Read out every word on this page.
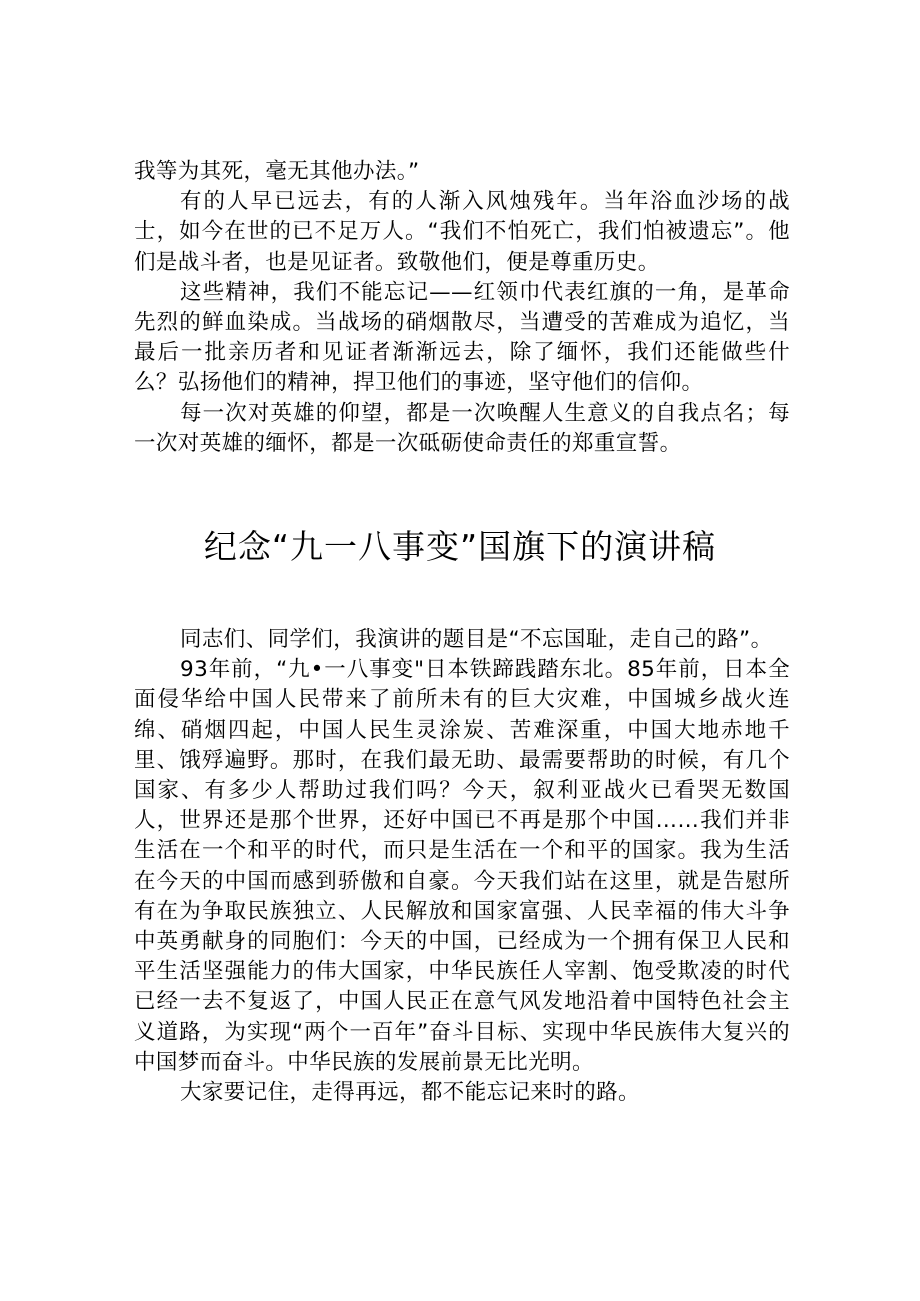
我等为其死，毫无其他办法。”

有的人早已远去，有的人渐入风烛残年。当年浴血沙场的战士，如今在世的已不足万人。“我们不怕死亡，我们怕被遗忘”。他们是战斗者，也是见证者。致敬他们，便是尊重历史。

这些精神，我们不能忘记——红领巾代表红旗的一角，是革命先烈的鲜血染成。当战场的硝烟散尽，当遭受的苦难成为追忆，当最后一批亲历者和见证者渐渐远去，除了缅怀，我们还能做些什么？弘扬他们的精神，捍卫他们的事迹，坚守他们的信仰。

每一次对英雄的仰望，都是一次唤醒人生意义的自我点名；每一次对英雄的缅怀，都是一次砥砺使命责任的郑重宣誓。

纪念“九一八事变”国旗下的演讲稿

同志们、同学们，我演讲的题目是“不忘国耻，走自己的路”。

93年前，“九•一八事变"日本铁蹄践踏东北。85年前，日本全面侵华给中国人民带来了前所未有的巨大灾难，中国城乡战火连绵、硝烟四起，中国人民生灵涂炭、苦难深重，中国大地赤地千里、饿殍遍野。那时，在我们最无助、最需要帮助的时候，有几个国家、有多少人帮助过我们吗？今天，叙利亚战火已看哭无数国人，世界还是那个世界，还好中国已不再是那个中国……我们并非生活在一个和平的时代，而只是生活在一个和平的国家。我为生活在今天的中国而感到骄傲和自豪。今天我们站在这里，就是告慰所有在为争取民族独立、人民解放和国家富强、人民幸福的伟大斗争中英勇献身的同胞们：今天的中国，已经成为一个拥有保卫人民和平生活坚强能力的伟大国家，中华民族任人宰割、饱受欺凌的时代已经一去不复返了，中国人民正在意气风发地沿着中国特色社会主义道路，为实现“两个一百年”奋斗目标、实现中华民族伟大复兴的中国梦而奋斗。中华民族的发展前景无比光明。

大家要记住，走得再远，都不能忘记来时的路。
